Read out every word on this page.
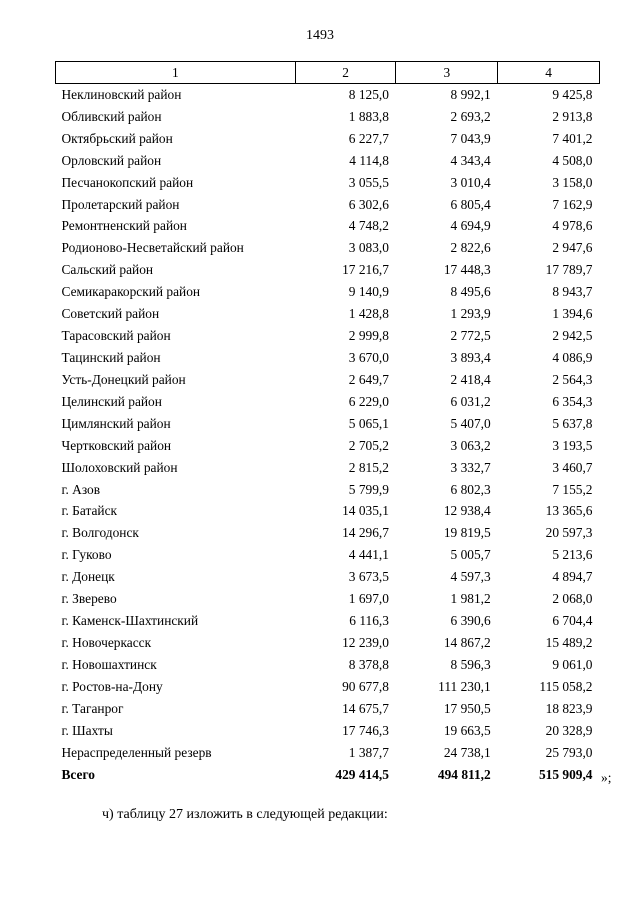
1493
1	2	3	4
Неклиновский район	8 125,0	8 992,1	9 425,8
Обливский район	1 883,8	2 693,2	2 913,8
Октябрьский район	6 227,7	7 043,9	7 401,2
Орловский район	4 114,8	4 343,4	4 508,0
Песчанокопский район	3 055,5	3 010,4	3 158,0
Пролетарский район	6 302,6	6 805,4	7 162,9
Ремонтненский район	4 748,2	4 694,9	4 978,6
Родионово-Несветайский район	3 083,0	2 822,6	2 947,6
Сальский район	17 216,7	17 448,3	17 789,7
Семикаракорский район	9 140,9	8 495,6	8 943,7
Советский район	1 428,8	1 293,9	1 394,6
Тарасовский район	2 999,8	2 772,5	2 942,5
Тацинский район	3 670,0	3 893,4	4 086,9
Усть-Донецкий район	2 649,7	2 418,4	2 564,3
Целинский район	6 229,0	6 031,2	6 354,3
Цимлянский район	5 065,1	5 407,0	5 637,8
Чертковский район	2 705,2	3 063,2	3 193,5
Шолоховский район	2 815,2	3 332,7	3 460,7
г. Азов	5 799,9	6 802,3	7 155,2
г. Батайск	14 035,1	12 938,4	13 365,6
г. Волгодонск	14 296,7	19 819,5	20 597,3
г. Гуково	4 441,1	5 005,7	5 213,6
г. Донецк	3 673,5	4 597,3	4 894,7
г. Зверево	1 697,0	1 981,2	2 068,0
г. Каменск-Шахтинский	6 116,3	6 390,6	6 704,4
г. Новочеркасск	12 239,0	14 867,2	15 489,2
г. Новошахтинск	8 378,8	8 596,3	9 061,0
г. Ростов-на-Дону	90 677,8	111 230,1	115 058,2
г. Таганрог	14 675,7	17 950,5	18 823,9
г. Шахты	17 746,3	19 663,5	20 328,9
Нераспределенный резерв	1 387,7	24 738,1	25 793,0
Всего	429 414,5	494 811,2	515 909,4 »;
ч) таблицу 27 изложить в следующей редакции:
